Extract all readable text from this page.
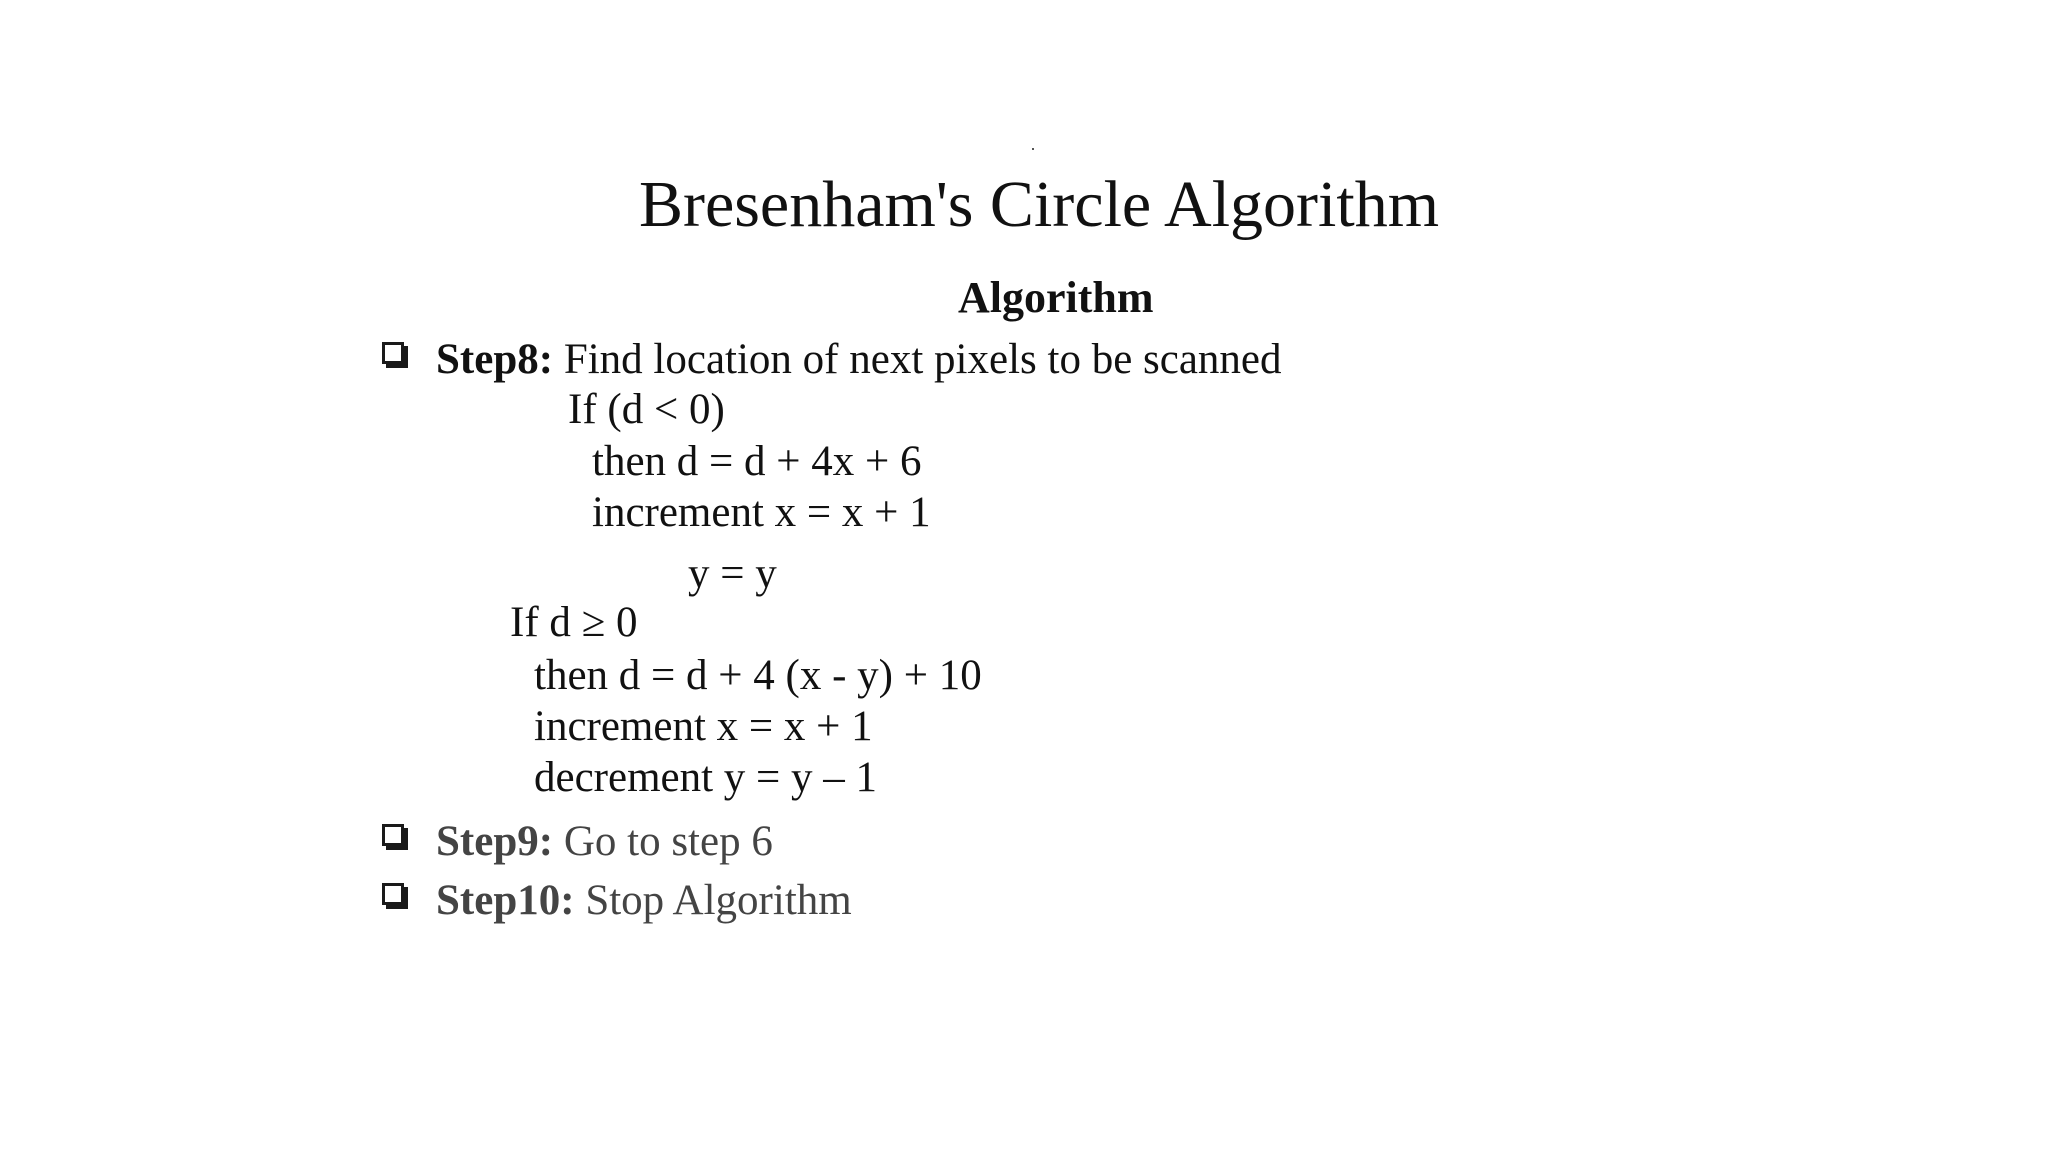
Bresenham's Circle Algorithm
Algorithm
Step8: Find location of next pixels to be scanned
If (d < 0)
then d = d + 4x + 6
increment x = x + 1
y = y
If d ≥ 0
then d = d + 4 (x - y) + 10
increment x = x + 1
decrement y = y – 1
Step9: Go to step 6
Step10: Stop Algorithm
